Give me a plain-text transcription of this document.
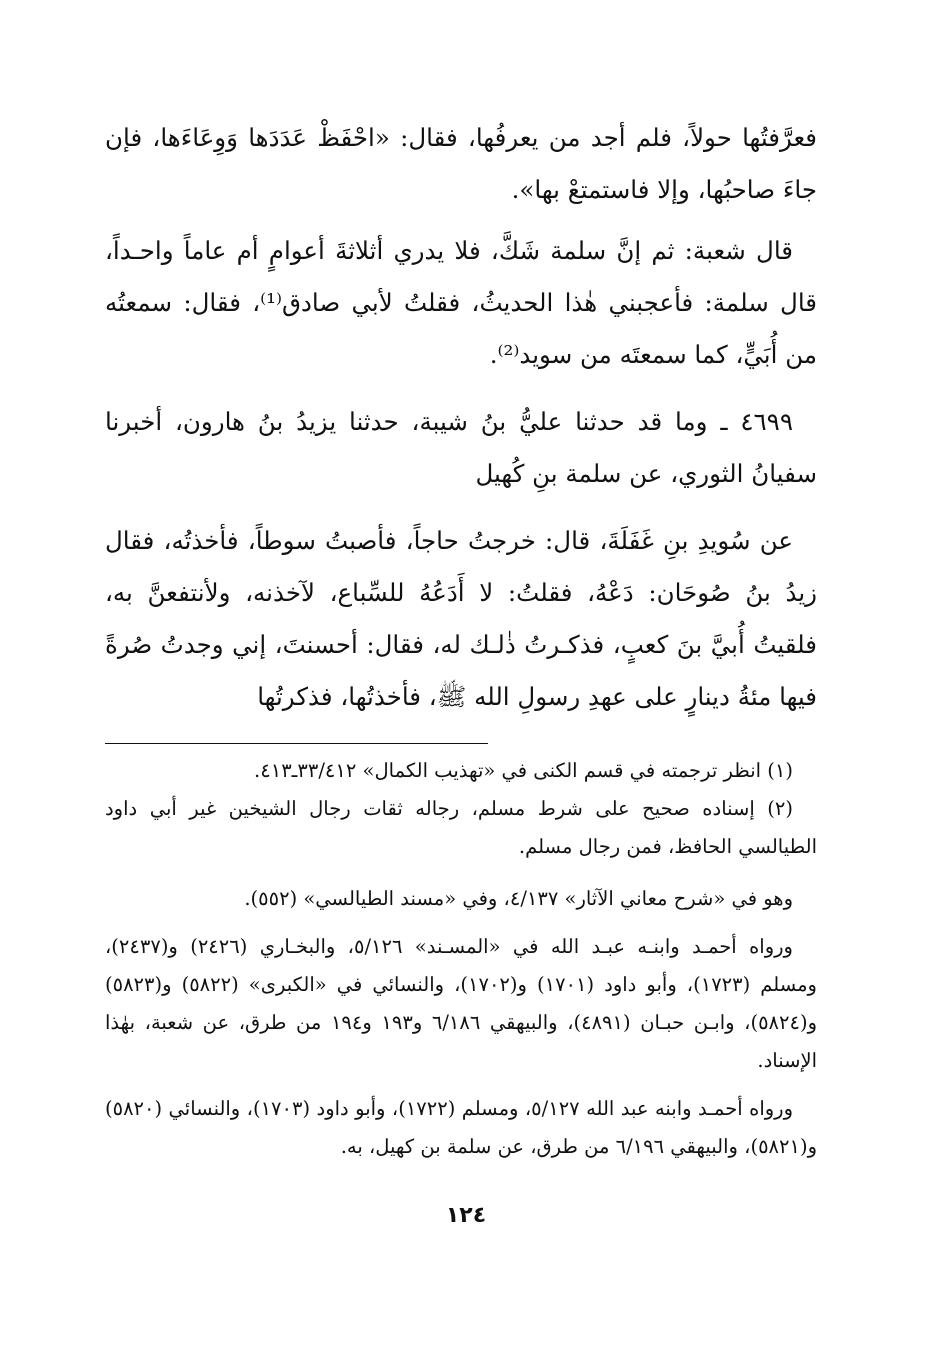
فعرَّفتُها حولاً، فلم أجد من يعرفُها، فقال: «احْفَظْ عَدَدَها وَوِعَاءَها، فإن جاءَ صاحبُها، وإلا فاستمتعْ بها».

قال شعبة: ثم إنَّ سلمة شَكَّ، فلا يدري أثلاثةَ أعوامٍ أم عاماً واحـداً، قال سلمة: فأعجبني هٰذا الحديثُ، فقلتُ لأبي صادق⁽¹⁾، فقال: سمعتُه من أُبَيٍّ، كما سمعتَه من سويد⁽²⁾.

٤٦٩٩ ـ وما قد حدثنا عليُّ بنُ شيبة، حدثنا يزيدُ بنُ هارون، أخبرنا سفيانُ الثوري، عن سلمة بنِ كُهيل

عن سُويدِ بنِ غَفَلَةَ، قال: خرجتُ حاجاً، فأصبتُ سوطاً، فأخذتُه، فقال زيدُ بنُ صُوحَان: دَعْهُ، فقلتُ: لا أَدَعُهُ للسِّباع، لآخذنه، ولأنتفعنَّ به، فلقيتُ أُبيَّ بنَ كعبٍ، فذكـرتُ ذٰلـك له، فقال: أحسنتَ، إني وجدتُ صُرةً فيها مئةُ دينارٍ على عهدِ رسولِ الله ﷺ، فأخذتُها، فذكرتُها

(١) انظر ترجمته في قسم الكنى في «تهذيب الكمال» ٣٣/٤١٢ـ٤١٣.

(٢) إسناده صحيح على شرط مسلم، رجاله ثقات رجال الشيخين غير أبي داود الطيالسي الحافظ، فمن رجال مسلم.

وهو في «شرح معاني الآثار» ٤/١٣٧، وفي «مسند الطيالسي» (٥٥٢).

ورواه أحمـد وابنـه عبـد الله في «المسـند» ٥/١٢٦، والبخـاري (٢٤٢٦) و(٢٤٣٧)، ومسلم (١٧٢٣)، وأبو داود (١٧٠١) و(١٧٠٢)، والنسائي في «الكبرى» (٥٨٢٢) و(٥٨٢٣) و(٥٨٢٤)، وابـن حبـان (٤٨٩١)، والبيهقي ٦/١٨٦ و١٩٣ و١٩٤ من طرق، عن شعبة، بهٰذا الإسناد.

ورواه أحمـد وابنه عبد الله ٥/١٢٧، ومسلم (١٧٢٢)، وأبو داود (١٧٠٣)، والنسائي (٥٨٢٠) و(٥٨٢١)، والبيهقي ٦/١٩٦ من طرق، عن سلمة بن كهيل، به.

١٢٤
